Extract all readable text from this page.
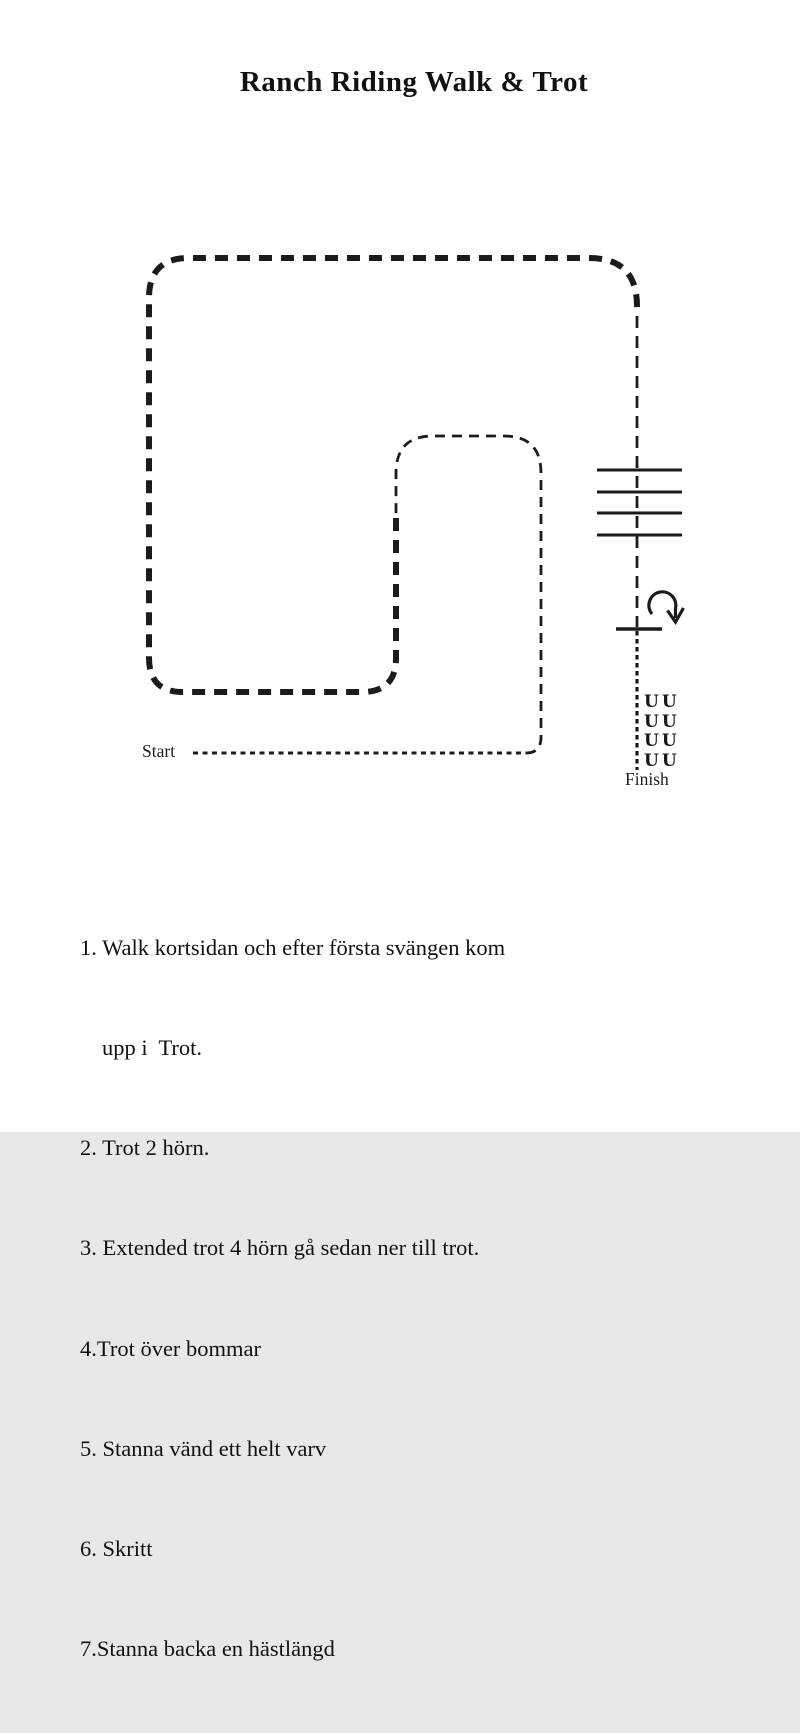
Ranch Riding Walk & Trot
Start
UU
UU
UU
UU
Finish

1. Walk kortsidan och efter första svängen kom

upp i  Trot.

2. Trot 2 hörn.

3. Extended trot 4 hörn gå sedan ner till trot.

4.Trot över bommar

5. Stanna vänd ett helt varv

6. Skritt

7.Stanna backa en hästlängd
